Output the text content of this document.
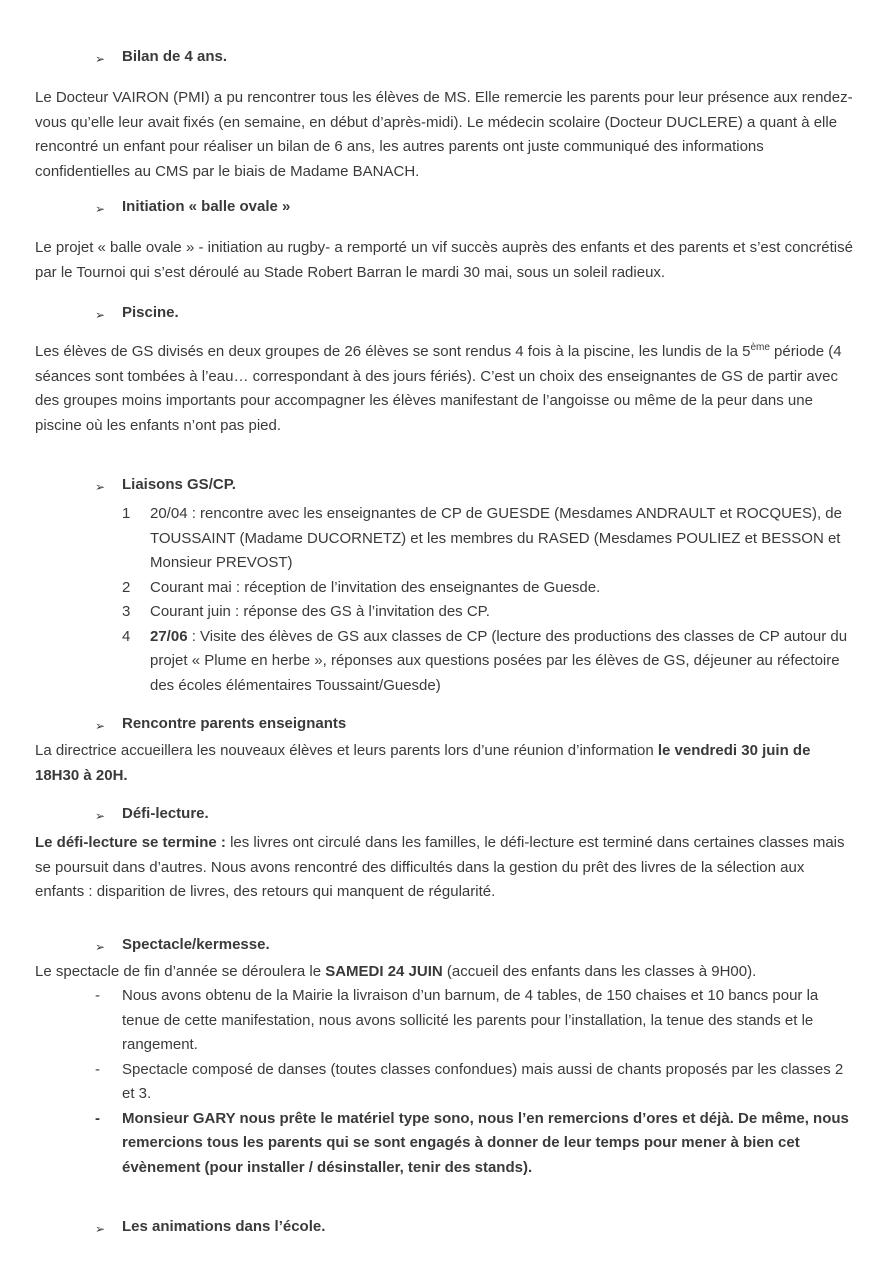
➢	Bilan de 4 ans.

Le Docteur VAIRON (PMI) a pu rencontrer tous les élèves de MS. Elle remercie les parents pour leur présence aux rendez-vous qu’elle leur avait fixés (en semaine, en début d’après-midi). Le médecin scolaire (Docteur DUCLERE) a quant à elle rencontré un enfant pour réaliser un bilan de 6 ans, les autres parents ont juste communiqué des informations confidentielles au CMS par le biais de Madame BANACH.

➢	Initiation « balle ovale »

Le projet « balle ovale » - initiation au rugby- a remporté un vif succès auprès des enfants et des parents et s’est concrétisé par le Tournoi qui s’est déroulé au Stade Robert Barran le mardi 30 mai, sous un soleil radieux.

➢	Piscine.

Les élèves de GS divisés en deux groupes de 26 élèves se sont rendus 4 fois à la piscine, les lundis de la 5ème période (4 séances sont tombées à l’eau… correspondant à des jours fériés). C’est un choix des enseignantes de GS de partir avec des groupes moins importants pour accompagner les élèves manifestant de l’angoisse ou même de la peur dans une piscine où les enfants n’ont pas pied.

➢	Liaisons GS/CP.
1	20/04 : rencontre avec les enseignantes de CP de GUESDE (Mesdames ANDRAULT et ROCQUES), de TOUSSAINT (Madame DUCORNETZ) et les membres du RASED (Mesdames POULIEZ et BESSON et Monsieur PREVOST)
2	Courant mai : réception de l’invitation des enseignantes de Guesde.
3	Courant juin : réponse des GS à l’invitation des CP.
4	27/06 : Visite des élèves de GS aux classes de CP (lecture des productions des classes de CP autour du projet « Plume en herbe », réponses aux questions posées par les élèves de GS, déjeuner au réfectoire des écoles élémentaires Toussaint/Guesde)
➢	Rencontre parents enseignants

La directrice accueillera les nouveaux élèves et leurs parents lors d’une réunion d’information le vendredi 30 juin de 18H30 à 20H.

➢	Défi-lecture.

Le défi-lecture se termine : les livres ont circulé dans les familles, le défi-lecture est terminé dans certaines classes mais se poursuit dans d’autres. Nous avons rencontré des difficultés dans la gestion du prêt des livres de la sélection aux enfants : disparition de livres, des retours qui manquent de régularité.

➢	Spectacle/kermesse.

Le spectacle de fin d’année se déroulera le SAMEDI 24 JUIN (accueil des enfants dans les classes à 9H00).

-	Nous avons obtenu de la Mairie la livraison d’un barnum, de 4 tables, de 150 chaises et 10 bancs pour la tenue de cette manifestation, nous avons sollicité les parents pour l’installation, la tenue des stands et le rangement.
-	Spectacle composé de danses (toutes classes confondues) mais aussi de chants proposés par les classes 2 et 3.
-	Monsieur GARY nous prête le matériel type sono, nous l’en remercions d’ores et déjà. De même, nous remercions tous les parents qui se sont engagés à donner de leur temps pour mener à bien cet évènement (pour installer / désinstaller, tenir des stands).
➢	Les animations dans l’école.
